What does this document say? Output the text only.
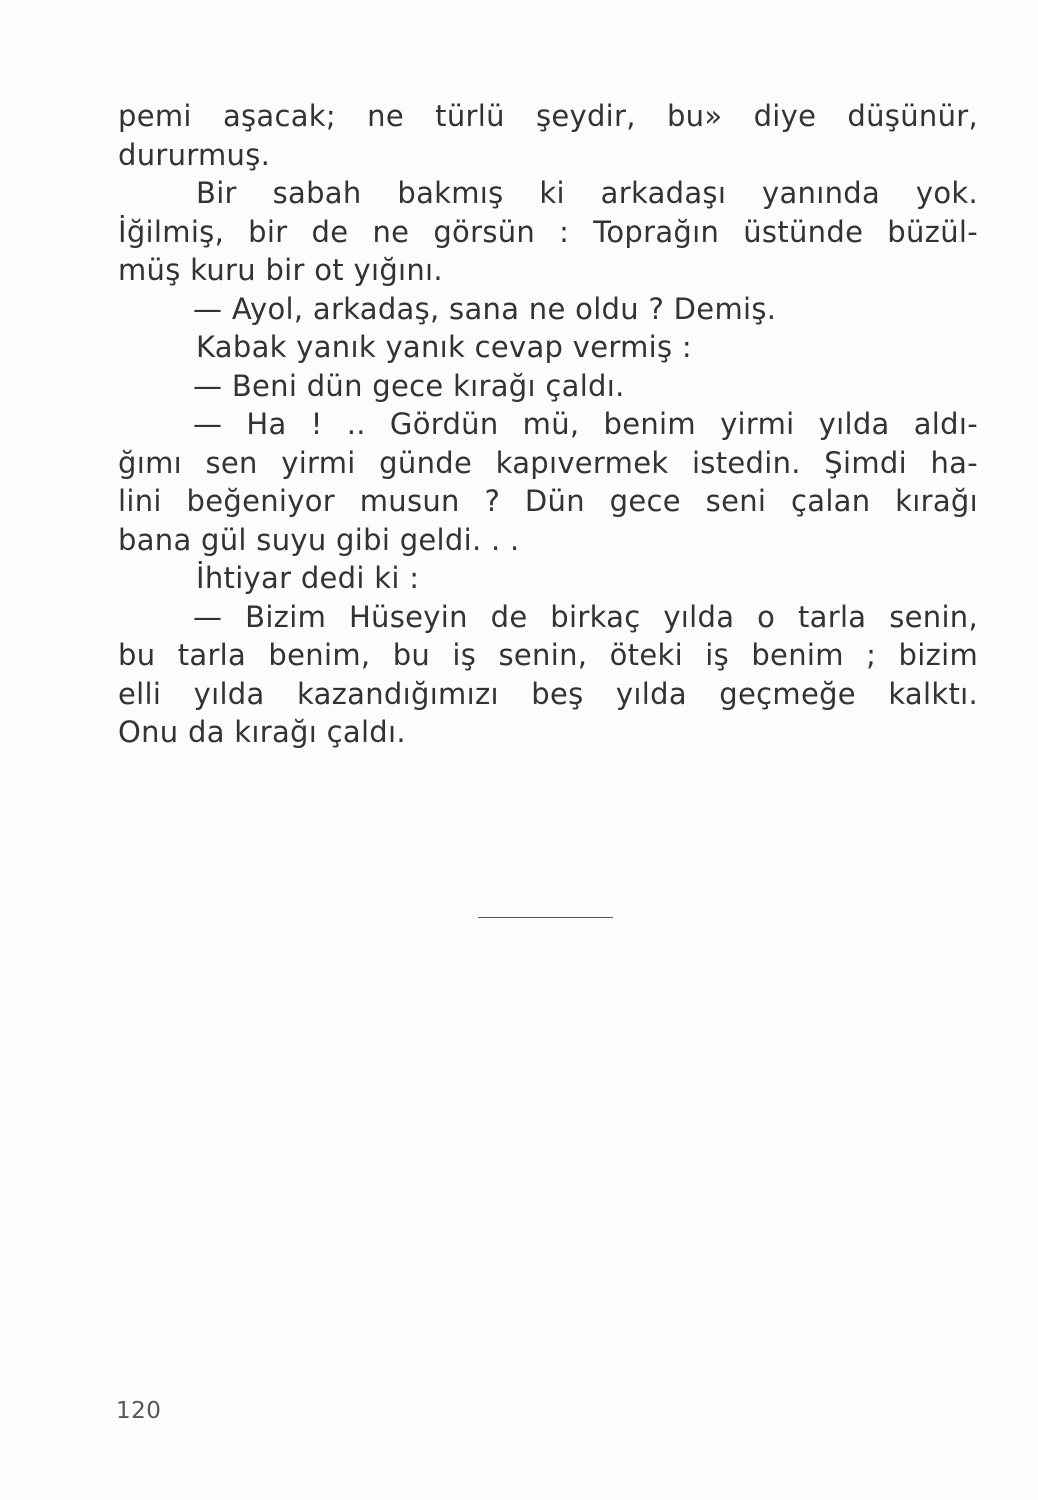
pemi aşacak; ne türlü şeydir, bu» diye düşünür,
dururmuş.
Bir sabah bakmış ki arkadaşı yanında yok.
İğilmiş, bir de ne görsün : Toprağın üstünde büzül-
müş kuru bir ot yığını.
— Ayol, arkadaş, sana ne oldu ? Demiş.
Kabak yanık yanık cevap vermiş :
— Beni dün gece kırağı çaldı.
— Ha ! .. Gördün mü, benim yirmi yılda aldı-
ğımı sen yirmi günde kapıvermek istedin. Şimdi ha-
lini beğeniyor musun ? Dün gece seni çalan kırağı
bana gül suyu gibi geldi. . .
İhtiyar dedi ki :
— Bizim Hüseyin de birkaç yılda o tarla senin,
bu tarla benim, bu iş senin, öteki iş benim ; bizim
elli yılda kazandığımızı beş yılda geçmeğe kalktı.
Onu da kırağı çaldı.
120
